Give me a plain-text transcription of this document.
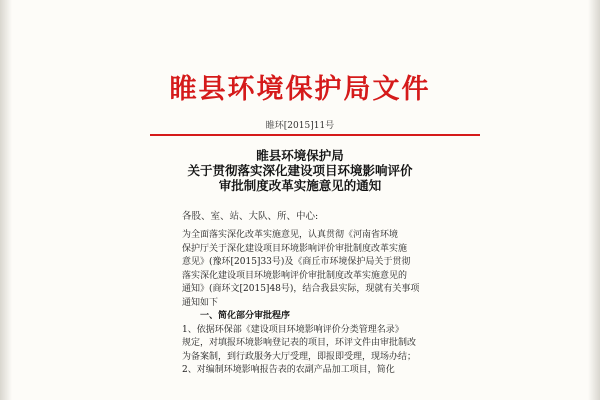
睢县环境保护局文件
睢环[2015]11号
睢县环境保护局
关于贯彻落实深化建设项目环境影响评价
审批制度改革实施意见的通知
各股、室、站、大队、所、中心:
为全面落实深化改革实施意见，认真贯彻《河南省环境
保护厅关于深化建设项目环境影响评价审批制度改革实施
意见》(豫环[2015]33号)及《商丘市环境保护局关于贯彻
落实深化建设项目环境影响评价审批制度改革实施意见的
通知》(商环文[2015]48号)，结合我县实际，现就有关事项
通知如下
一、简化部分审批程序
1、依据环保部《建设项目环境影响评价分类管理名录》
规定，对填报环境影响登记表的项目，环评文件由审批制改
为备案制，到行政服务大厅受理，即报即受理，现场办结；
2、对编制环境影响报告表的农副产品加工项目，简化
